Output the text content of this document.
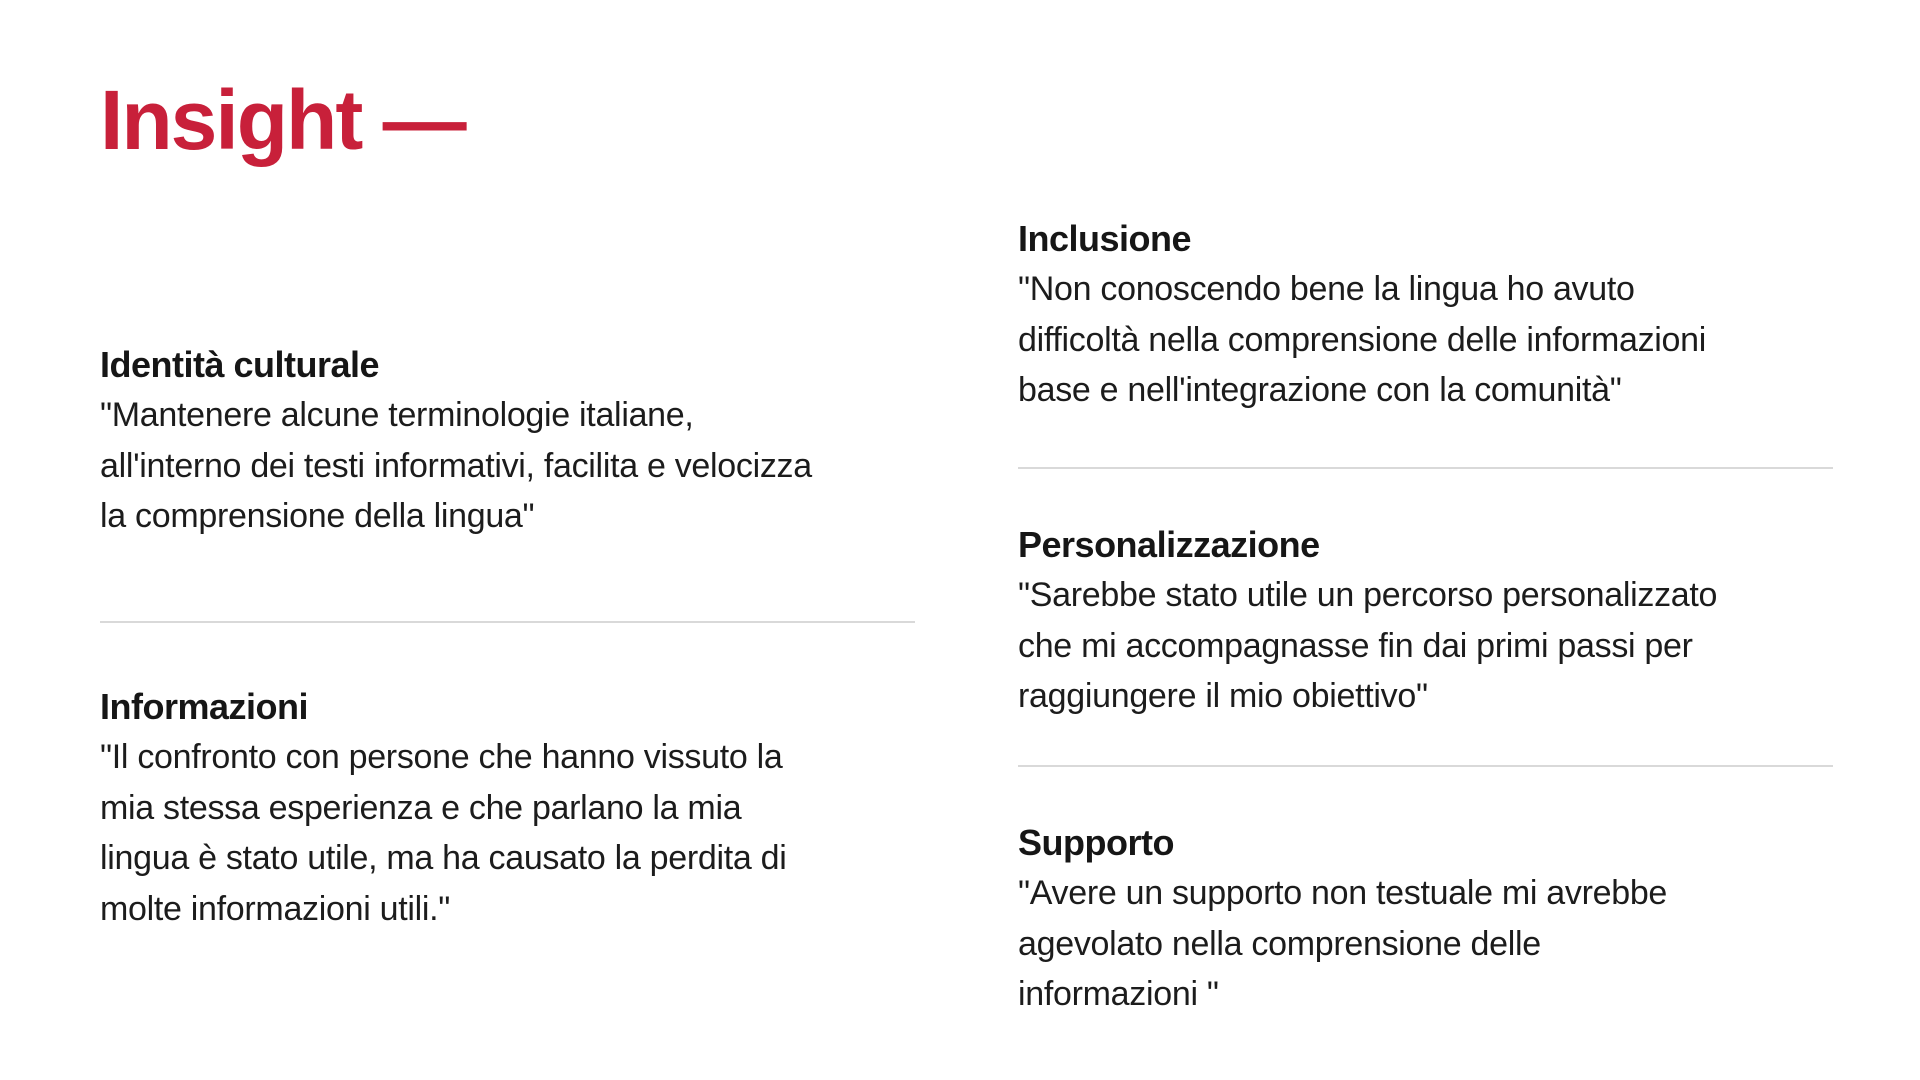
Insight —

Identità culturale

"Mantenere alcune terminologie italiane,

all'interno dei testi informativi, facilita e velocizza

la comprensione della lingua"

Informazioni

"Il confronto con persone che hanno vissuto la

mia stessa esperienza e che parlano la mia

lingua è stato utile, ma ha causato la perdita di

molte informazioni utili."

Inclusione

"Non conoscendo bene la lingua ho avuto

difficoltà nella comprensione delle informazioni

base e nell'integrazione con la comunità"

Personalizzazione

"Sarebbe stato utile un percorso personalizzato

che mi accompagnasse fin dai primi passi per

raggiungere il mio obiettivo"

Supporto

"Avere un supporto non testuale mi avrebbe

agevolato nella comprensione delle

informazioni "
